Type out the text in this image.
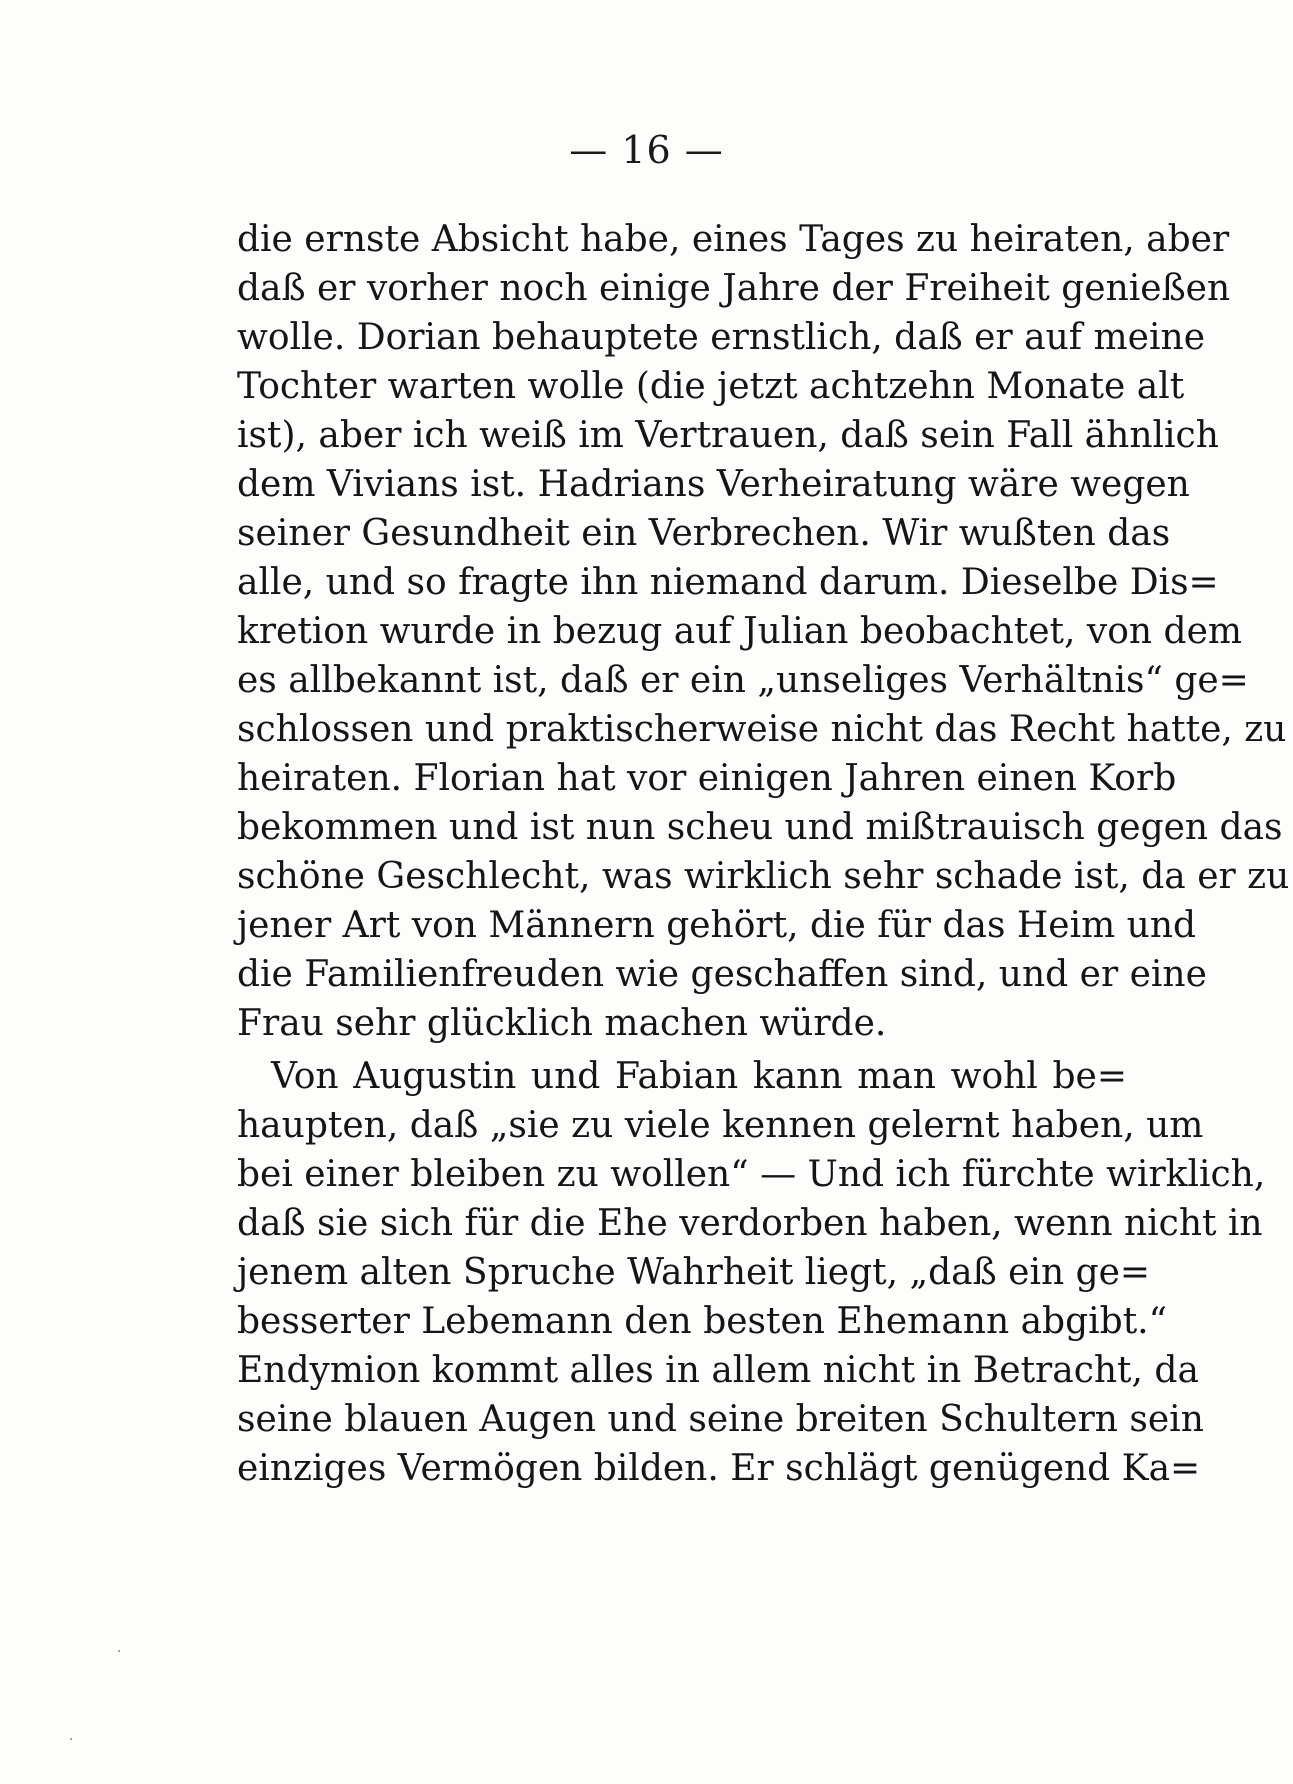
— 16 —
die ernste Absicht habe, eines Tages zu heiraten, aber
daß er vorher noch einige Jahre der Freiheit genießen
wolle. Dorian behauptete ernstlich, daß er auf meine
Tochter warten wolle (die jetzt achtzehn Monate alt
ist), aber ich weiß im Vertrauen, daß sein Fall ähnlich
dem Vivians ist. Hadrians Verheiratung wäre wegen
seiner Gesundheit ein Verbrechen. Wir wußten das
alle, und so fragte ihn niemand darum. Dieselbe Dis=
kretion wurde in bezug auf Julian beobachtet, von dem
es allbekannt ist, daß er ein „unseliges Verhältnis“ ge=
schlossen und praktischerweise nicht das Recht hatte, zu
heiraten. Florian hat vor einigen Jahren einen Korb
bekommen und ist nun scheu und mißtrauisch gegen das
schöne Geschlecht, was wirklich sehr schade ist, da er zu
jener Art von Männern gehört, die für das Heim und
die Familienfreuden wie geschaffen sind, und er eine
Frau sehr glücklich machen würde.
Von Augustin und Fabian kann man wohl be=
haupten, daß „sie zu viele kennen gelernt haben, um
bei einer bleiben zu wollen“ — Und ich fürchte wirklich,
daß sie sich für die Ehe verdorben haben, wenn nicht in
jenem alten Spruche Wahrheit liegt, „daß ein ge=
besserter Lebemann den besten Ehemann abgibt.“
Endymion kommt alles in allem nicht in Betracht, da
seine blauen Augen und seine breiten Schultern sein
einziges Vermögen bilden. Er schlägt genügend Ka=
